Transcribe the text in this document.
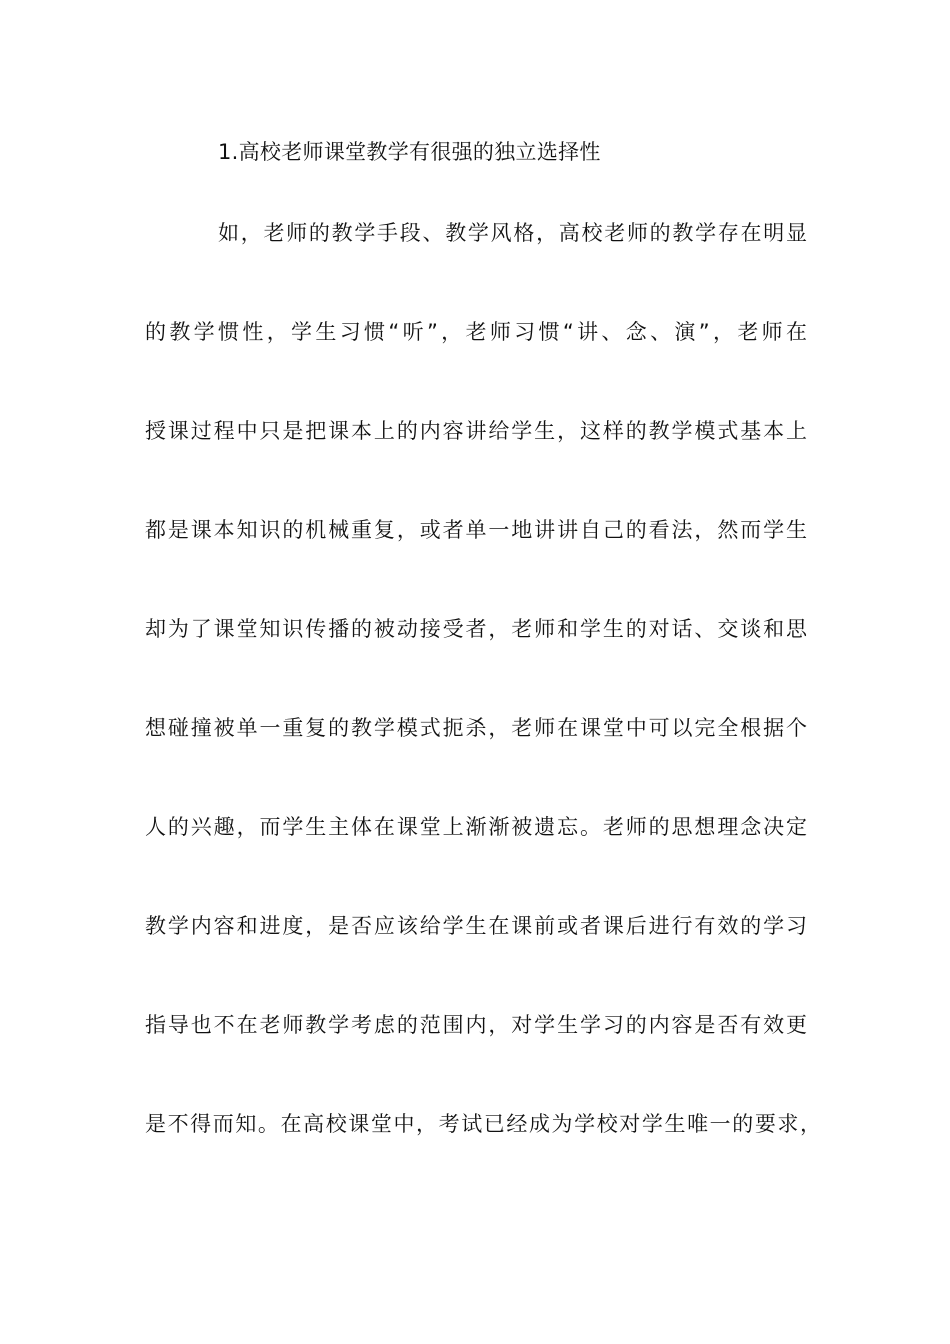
1.高校老师课堂教学有很强的独立选择性
如，老师的教学手段、教学风格，高校老师的教学存在明显
的教学惯性，学生习惯“听”，老师习惯“讲、念、演”，老师在
授课过程中只是把课本上的内容讲给学生，这样的教学模式基本上
都是课本知识的机械重复，或者单一地讲讲自己的看法，然而学生
却为了课堂知识传播的被动接受者，老师和学生的对话、交谈和思
想碰撞被单一重复的教学模式扼杀，老师在课堂中可以完全根据个
人的兴趣，而学生主体在课堂上渐渐被遗忘。老师的思想理念决定
教学内容和进度，是否应该给学生在课前或者课后进行有效的学习
指导也不在老师教学考虑的范围内，对学生学习的内容是否有效更
是不得而知。在高校课堂中，考试已经成为学校对学生唯一的要求，
